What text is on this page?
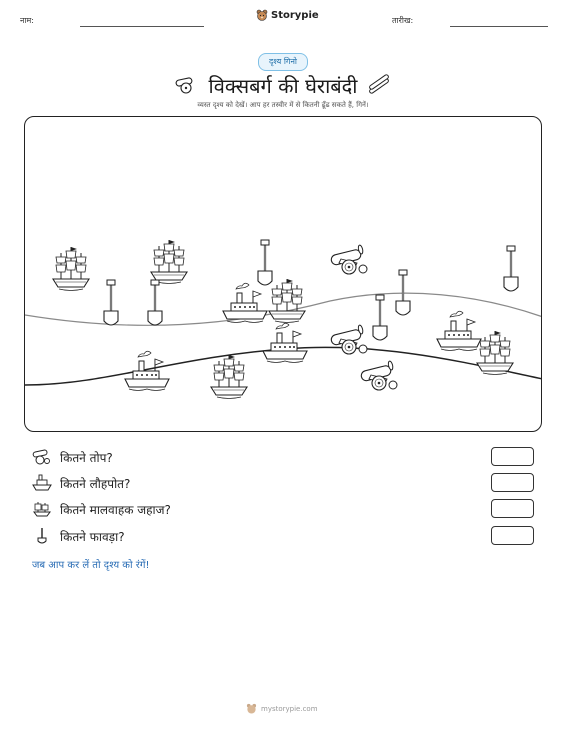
नाम:	Storypie	तारीख:
दृश्य गिनो
विक्सबर्ग की घेराबंदी
व्यस्त दृश्य को देखें। आप हर तस्वीर में से कितनी ढूँढ सकते हैं, गिनें।
कितने तोप?
कितने लौहपोत?
कितने मालवाहक जहाज?
कितने फावड़ा?
जब आप कर लें तो दृश्य को रंगें!
mystorypie.com
